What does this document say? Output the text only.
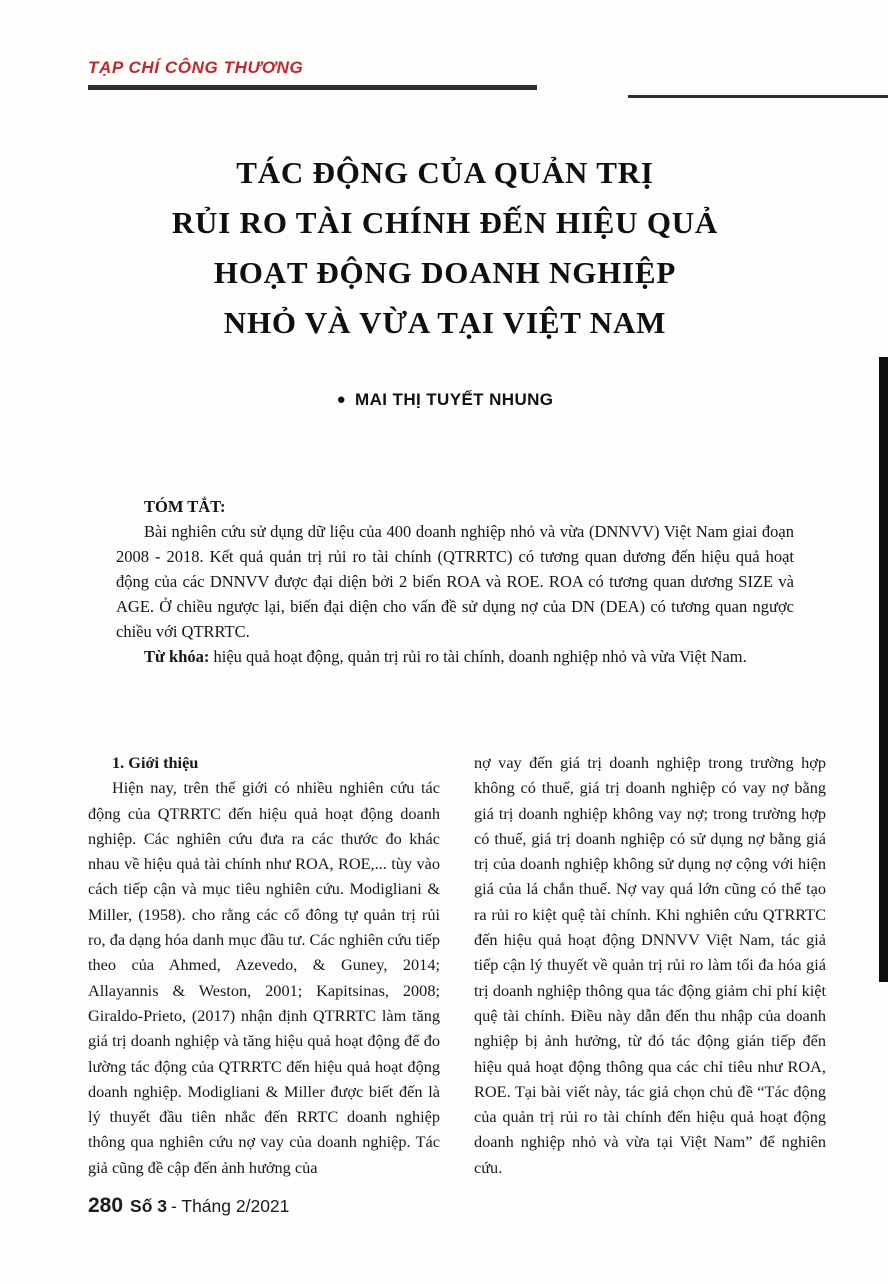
TẠP CHÍ CÔNG THƯƠNG
TÁC ĐỘNG CỦA QUẢN TRỊ
RỦI RO TÀI CHÍNH ĐẾN HIỆU QUẢ
HOẠT ĐỘNG DOANH NGHIỆP
NHỎ VÀ VỪA TẠI VIỆT NAM
● MAI THỊ TUYẾT NHUNG
TÓM TẮT:

Bài nghiên cứu sử dụng dữ liệu của 400 doanh nghiệp nhỏ và vừa (DNNVV) Việt Nam giai đoạn 2008 - 2018. Kết quả quản trị rủi ro tài chính (QTRRTC) có tương quan dương đến hiệu quả hoạt động của các DNNVV được đại diện bởi 2 biến ROA và ROE. ROA có tương quan dương SIZE và AGE. Ở chiều ngược lại, biến đại diện cho vấn đề sử dụng nợ của DN (DEA) có tương quan ngược chiều với QTRRTC.

Từ khóa: hiệu quả hoạt động, quản trị rủi ro tài chính, doanh nghiệp nhỏ và vừa Việt Nam.

1. Giới thiệu

Hiện nay, trên thế giới có nhiều nghiên cứu tác động của QTRRTC đến hiệu quả hoạt động doanh nghiệp. Các nghiên cứu đưa ra các thước đo khác nhau về hiệu quả tài chính như ROA, ROE,... tùy vào cách tiếp cận và mục tiêu nghiên cứu. Modigliani & Miller, (1958). cho rằng các cổ đông tự quản trị rủi ro, đa dạng hóa danh mục đầu tư. Các nghiên cứu tiếp theo của Ahmed, Azevedo, & Guney, 2014; Allayannis & Weston, 2001; Kapitsinas, 2008; Giraldo-Prieto, (2017) nhận định QTRRTC làm tăng giá trị doanh nghiệp và tăng hiệu quả hoạt động để đo lường tác động của QTRRTC đến hiệu quả hoạt động doanh nghiệp. Modigliani & Miller được biết đến là lý thuyết đầu tiên nhắc đến RRTC doanh nghiệp thông qua nghiên cứu nợ vay của doanh nghiệp. Tác giả cũng đề cập đến ảnh hưởng của

nợ vay đến giá trị doanh nghiệp trong trường hợp không có thuế, giá trị doanh nghiệp có vay nợ bằng giá trị doanh nghiệp không vay nợ; trong trường hợp có thuế, giá trị doanh nghiệp có sử dụng nợ bằng giá trị của doanh nghiệp không sử dụng nợ cộng với hiện giá của lá chắn thuế. Nợ vay quá lớn cũng có thể tạo ra rủi ro kiệt quệ tài chính. Khi nghiên cứu QTRRTC đến hiệu quả hoạt động DNNVV Việt Nam, tác giả tiếp cận lý thuyết về quản trị rủi ro làm tối đa hóa giá trị doanh nghiệp thông qua tác động giảm chi phí kiệt quệ tài chính. Điều này dẫn đến thu nhập của doanh nghiệp bị ảnh hưởng, từ đó tác động gián tiếp đến hiệu quả hoạt động thông qua các chỉ tiêu như ROA, ROE. Tại bài viết này, tác giả chọn chủ đề “Tác động của quản trị rủi ro tài chính đến hiệu quả hoạt động doanh nghiệp nhỏ và vừa tại Việt Nam” để nghiên cứu.

280 Số 3 - Tháng 2/2021
